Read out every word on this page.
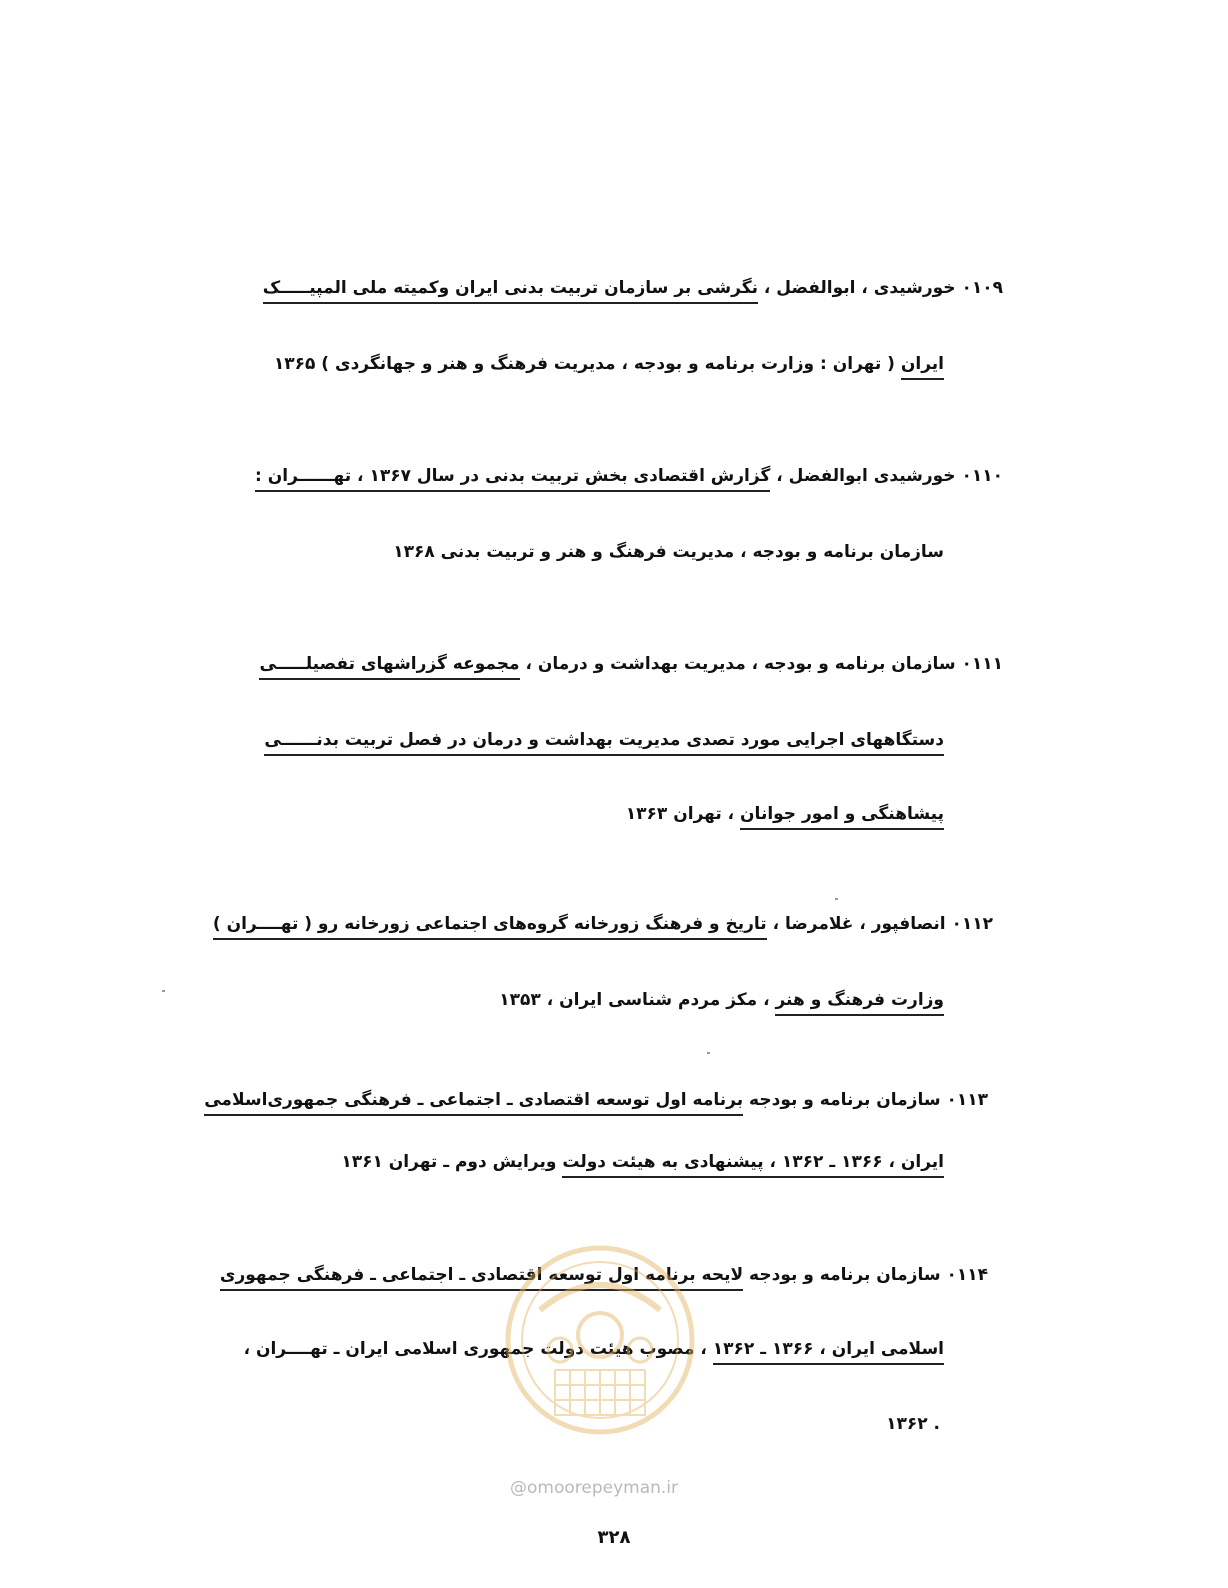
۰۱۰۹ خورشیدی ، ابوالفضل ، نگرشی بر سازمان تربیت بدنی ایران وکمیته ملی المپیـــــک
ایران ( تهران : وزارت برنامه و بودجه ، مدیریت فرهنگ و هنر و جهانگردی ) ۱۳۶۵
۰۱۱۰ خورشیدی ابوالفضل ، گزارش اقتصادی بخش تربیت بدنی در سال ۱۳۶۷ ، تهــــــران :
سازمان برنامه و بودجه ، مدیریت فرهنگ و هنر و تربیت بدنی ۱۳۶۸
۰۱۱۱ سازمان برنامه و بودجه ، مدیریت بهداشت و درمان ، مجموعه گزراشهای تفصیلـــــی
دستگاههای اجرایی مورد تصدی مدیریت بهداشت و درمان در فصل تربیت بدنــــــی
پیشاهنگی و امور جوانان ، تهران ۱۳۶۳
۰۱۱۲ انصافپور ، غلامرضا ، تاریخ و فرهنگ زورخانه گروه‌های اجتماعی زورخانه رو ( تهــــران )
وزارت فرهنگ و هنر ، مکز مردم شناسی ایران ، ۱۳۵۳
۰۱۱۳ سازمان برنامه و بودجه برنامه اول توسعه اقتصادی ـ اجتماعی ـ فرهنگی جمهوری‌اسلامی
ایران ، ۱۳۶۶ ـ ۱۳۶۲ ، پیشنهادی به هیئت دولت ویرایش دوم ـ تهران ۱۳۶۱
۰۱۱۴ سازمان برنامه و بودجه لایحه برنامه اول توسعه اقتصادی ـ اجتماعی ـ فرهنگی جمهوری
اسلامی ایران ، ۱۳۶۶ ـ ۱۳۶۲ ، مصوب هیئت دولت جمهوری اسلامی ایران ـ تهــــران ،
۱۳۶۲ .
@omoorepeyman.ir
۳۲۸
